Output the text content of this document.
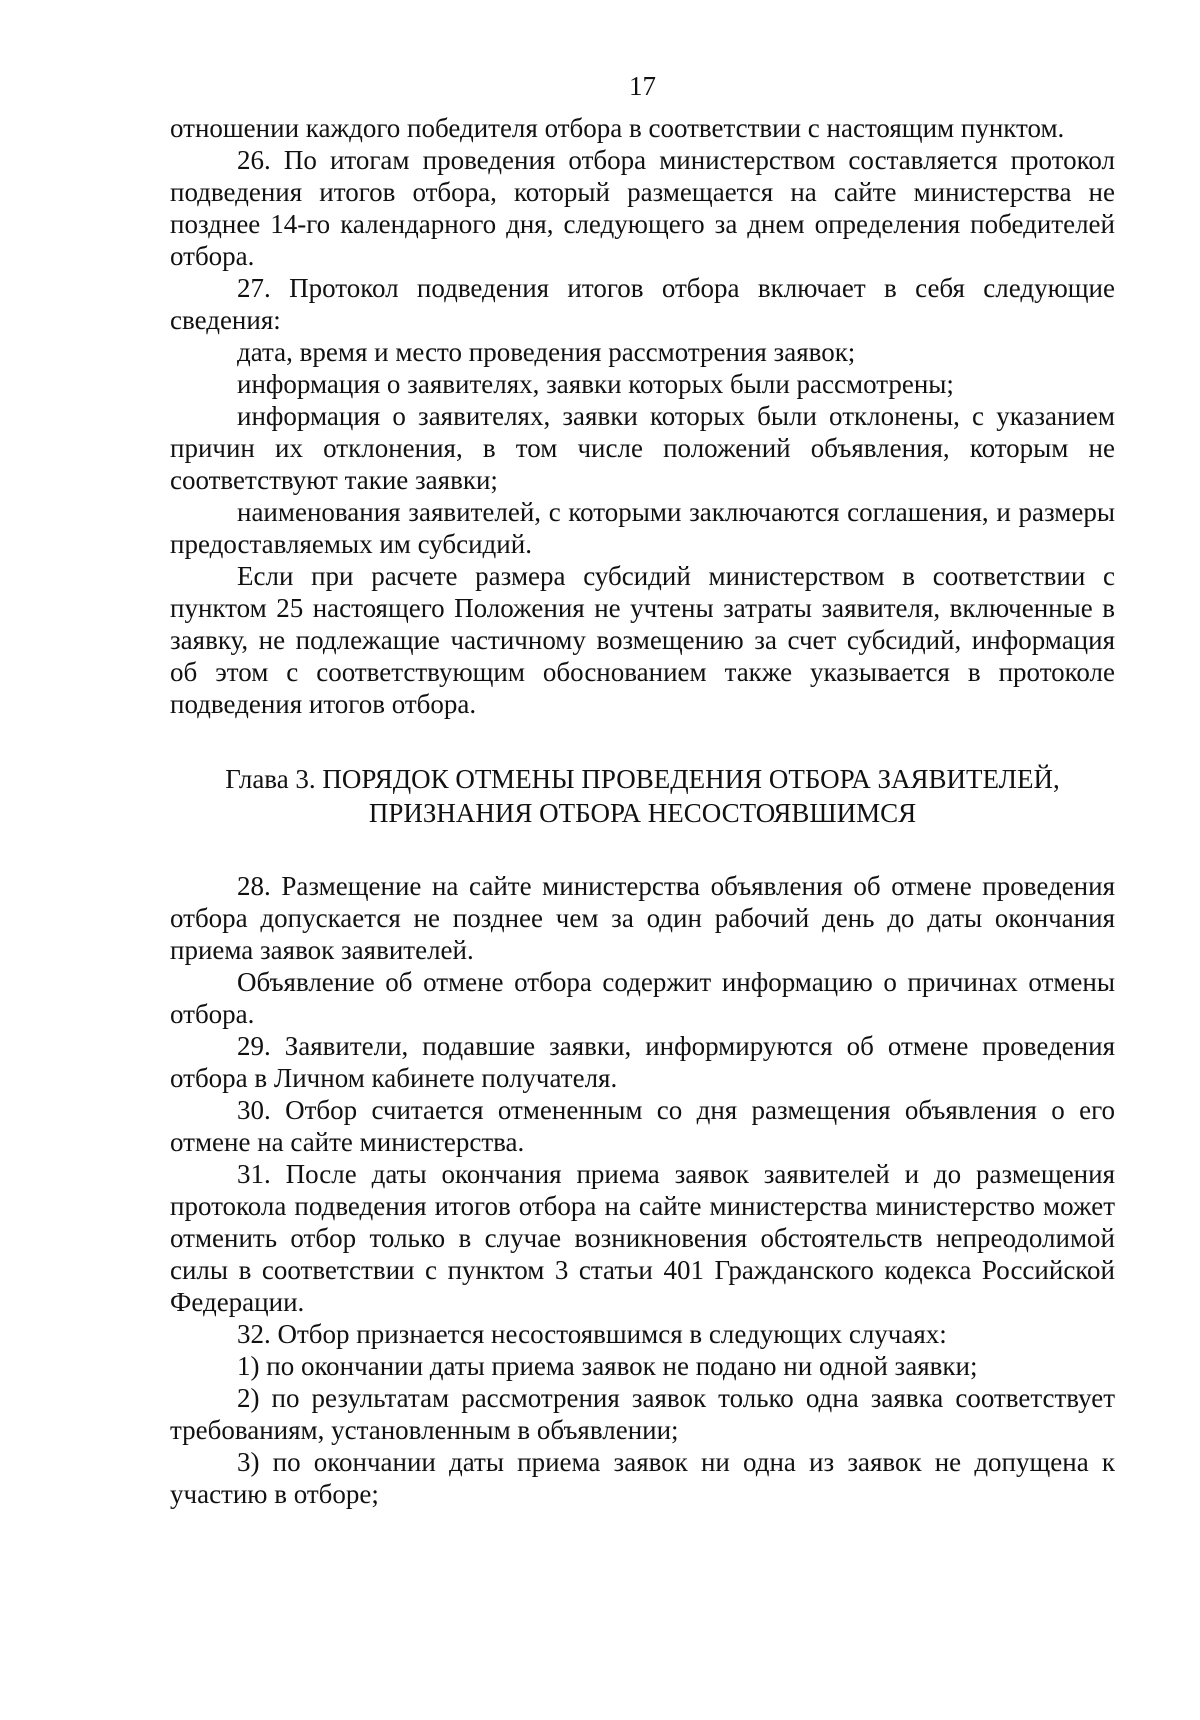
17

отношении каждого победителя отбора в соответствии с настоящим пунктом.

26. По итогам проведения отбора министерством составляется протокол подведения итогов отбора, который размещается на сайте министерства не позднее 14-го календарного дня, следующего за днем определения победителей отбора.

27. Протокол подведения итогов отбора включает в себя следующие сведения:

дата, время и место проведения рассмотрения заявок;

информация о заявителях, заявки которых были рассмотрены;

информация о заявителях, заявки которых были отклонены, с указанием причин их отклонения, в том числе положений объявления, которым не соответствуют такие заявки;

наименования заявителей, с которыми заключаются соглашения, и размеры предоставляемых им субсидий.

Если при расчете размера субсидий министерством в соответствии с пунктом 25 настоящего Положения не учтены затраты заявителя, включенные в заявку, не подлежащие частичному возмещению за счет субсидий, информация об этом с соответствующим обоснованием также указывается в протоколе подведения итогов отбора.

Глава 3. ПОРЯДОК ОТМЕНЫ ПРОВЕДЕНИЯ ОТБОРА ЗАЯВИТЕЛЕЙ,
ПРИЗНАНИЯ ОТБОРА НЕСОСТОЯВШИМСЯ

28. Размещение на сайте министерства объявления об отмене проведения отбора допускается не позднее чем за один рабочий день до даты окончания приема заявок заявителей.

Объявление об отмене отбора содержит информацию о причинах отмены отбора.

29. Заявители, подавшие заявки, информируются об отмене проведения отбора в Личном кабинете получателя.

30. Отбор считается отмененным со дня размещения объявления о его отмене на сайте министерства.

31. После даты окончания приема заявок заявителей и до размещения протокола подведения итогов отбора на сайте министерства министерство может отменить отбор только в случае возникновения обстоятельств непреодолимой силы в соответствии с пунктом 3 статьи 401 Гражданского кодекса Российской Федерации.

32. Отбор признается несостоявшимся в следующих случаях:

1) по окончании даты приема заявок не подано ни одной заявки;

2) по результатам рассмотрения заявок только одна заявка соответствует требованиям, установленным в объявлении;

3) по окончании даты приема заявок ни одна из заявок не допущена к участию в отборе;
